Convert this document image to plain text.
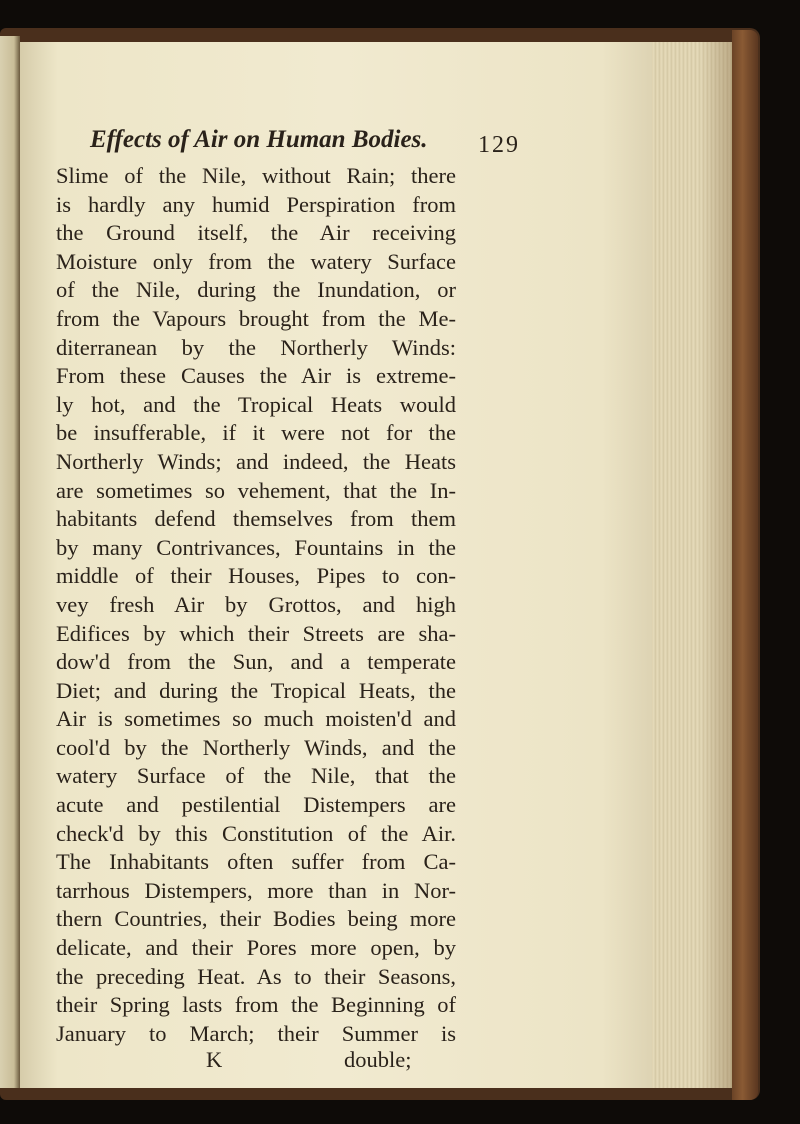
Effects of Air on Human Bodies.	129
Slime of the Nile, without Rain; there
is hardly any humid Perspiration from
the Ground itself, the Air receiving
Moisture only from the watery Surface
of the Nile, during the Inundation, or
from the Vapours brought from the Me-
diterranean by the Northerly Winds:
From these Causes the Air is extreme-
ly hot, and the Tropical Heats would
be insufferable, if it were not for the
Northerly Winds; and indeed, the Heats
are sometimes so vehement, that the In-
habitants defend themselves from them
by many Contrivances, Fountains in the
middle of their Houses, Pipes to con-
vey fresh Air by Grottos, and high
Edifices by which their Streets are sha-
dow'd from the Sun, and a temperate
Diet; and during the Tropical Heats, the
Air is sometimes so much moisten'd and
cool'd by the Northerly Winds, and the
watery Surface of the Nile, that the
acute and pestilential Distempers are
check'd by this Constitution of the Air.
The Inhabitants often suffer from Ca-
tarrhous Distempers, more than in Nor-
thern Countries, their Bodies being more
delicate, and their Pores more open, by
the preceding Heat. As to their Seasons,
their Spring lasts from the Beginning of
January to March; their Summer is
K	double;
